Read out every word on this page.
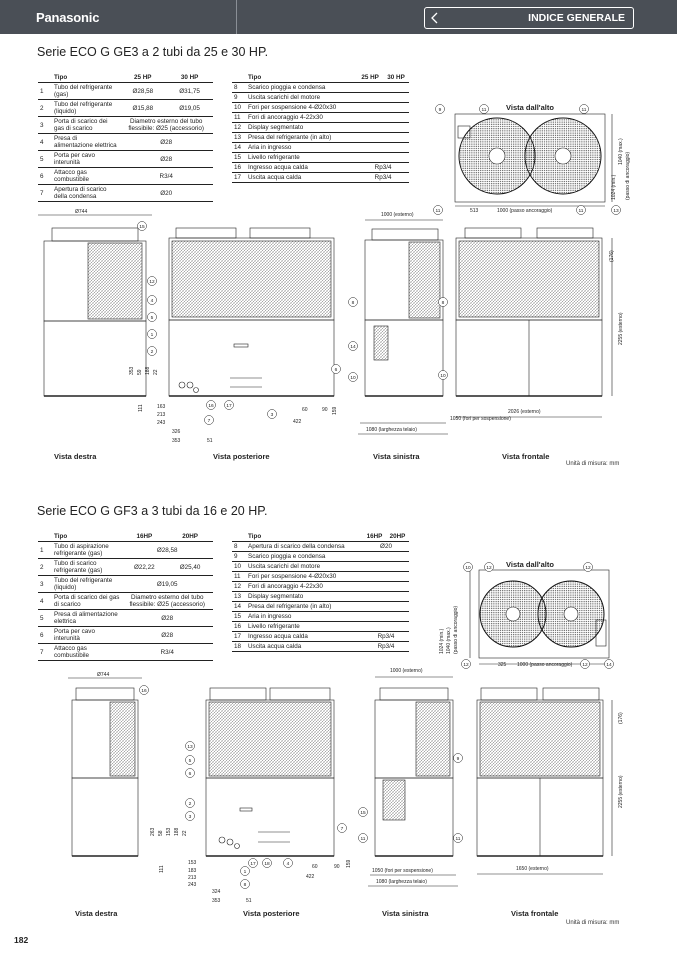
Panasonic	INDICE GENERALE
Serie ECO G GE3 a 2 tubi da 25 e 30 HP.
	Tipo	25 HP	30 HP
1	Tubo del refrigerante (gas)	Ø28,58	Ø31,75
2	Tubo del refrigerante (liquido)	Ø15,88	Ø19,05
3	Porta di scarico dei gas di scarico	Diametro esterno del tubo flessibile: Ø25 (accessorio)	
4	Presa di alimentazione elettrica	Ø28	
5	Porta per cavo interunità	Ø28	
6	Attacco gas combustibile	R3/4	
7	Apertura di scarico della condensa	Ø20	
	Tipo	25 HP	30 HP
8	Scarico pioggia e condensa		
9	Uscita scarichi del motore		
10	Fori per sospensione 4-Ø20x30		
11	Fori di ancoraggio 4-22x30		
12	Display segmentato		
13	Presa del refrigerante (in alto)		
14	Aria in ingresso		
15	Livello refrigerante		
16	Ingresso acqua calda	Rp3/4	
17	Uscita acqua calda	Rp3/4	
9	11	11
11	11	13
15
12
4
5
1
2
16	17
7
3
6
8	8
14
10	10
Ø744	1000 (esterno)
513	1000 (passo ancoraggio)
1050 (fori per sospensione)
2026 (esterno)
1080 (larghezza telaio)
163
213
243
326
353	51
60
422
90 159
111
353 59 188 22
1024 (min.)
1040 (max.)
(passo di ancoraggio)
(176)
2255 (esterno)
Vista dall'alto
Vista destra	Vista posteriore	Vista sinistra	Vista frontale
Unità di misura: mm
Serie ECO G GF3 a 3 tubi da 16 e 20 HP.
	Tipo	16HP	20HP
1	Tubo di aspirazione refrigerante (gas)	Ø28,58	
2	Tubo di scarico refrigerante (gas)	Ø22,22	Ø25,40
3	Tubo del refrigerante (liquido)	Ø19,05	
4	Porta di scarico dei gas di scarico	Diametro esterno del tubo flessibile: Ø25 (accessorio)	
5	Presa di alimentazione elettrica	Ø28	
6	Porta per cavo interunità	Ø28	
7	Attacco gas combustibile	R3/4	
	Tipo	16HP	20HP
8	Apertura di scarico della condensa	Ø20	
9	Scarico pioggia e condensa		
10	Uscita scarichi del motore		
11	Fori per sospensione 4-Ø20x30		
12	Fori di ancoraggio 4-22x30		
13	Display segmentato		
14	Presa del refrigerante (in alto)		
15	Aria in ingresso		
16	Livello refrigerante		
17	Ingresso acqua calda	Rp3/4	
18	Uscita acqua calda	Rp3/4	
10	12	12
12	12	14
16
13
5
6
2
3
17 18	4
1
8
7
9
15
11	11
Ø744
1000 (esterno)
325 1000 (passo ancoraggio)
1650 (esterno)
1050 (fori per sospensione)
1080 (larghezza telaio)
153
183
213
243
324
353	51
60
422
90 159
111
263 58 153 188 22
1024 (min.) 1040 (max.) (passo di ancoraggio)
(176)
2255 (esterno)
Vista dall'alto
Vista destra	Vista posteriore	Vista sinistra	Vista frontale
Unità di misura: mm
182
